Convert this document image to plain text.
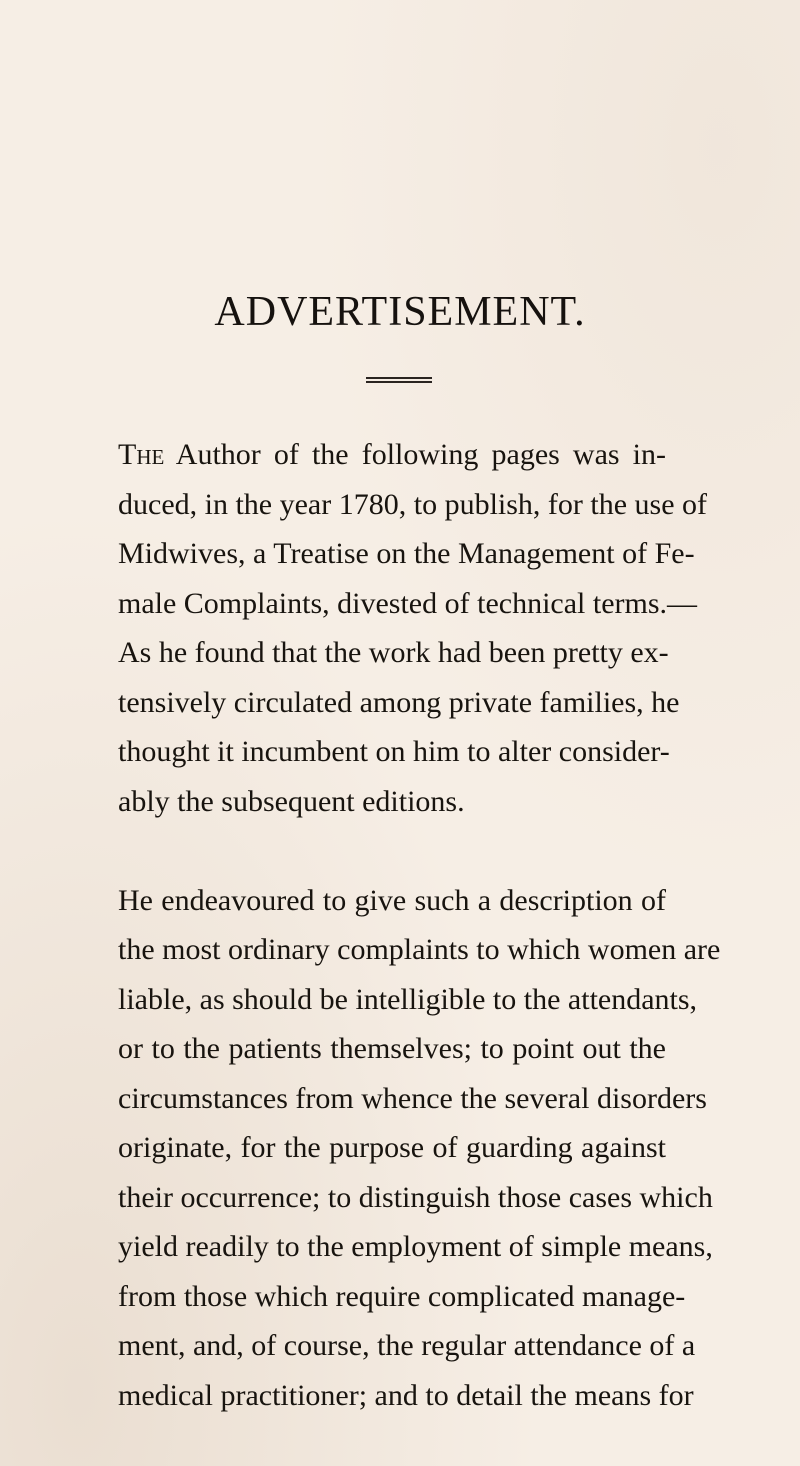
ADVERTISEMENT.
The Author of the following pages was in-
duced, in the year 1780, to publish, for the use of
Midwives, a Treatise on the Management of Fe-
male Complaints, divested of technical terms.—
As he found that the work had been pretty ex-
tensively circulated among private families, he
thought it incumbent on him to alter consider-
ably the subsequent editions.
He endeavoured to give such a description of
the most ordinary complaints to which women are
liable, as should be intelligible to the attendants,
or to the patients themselves; to point out the
circumstances from whence the several disorders
originate, for the purpose of guarding against
their occurrence; to distinguish those cases which
yield readily to the employment of simple means,
from those which require complicated manage-
ment, and, of course, the regular attendance of a
medical practitioner; and to detail the means for
